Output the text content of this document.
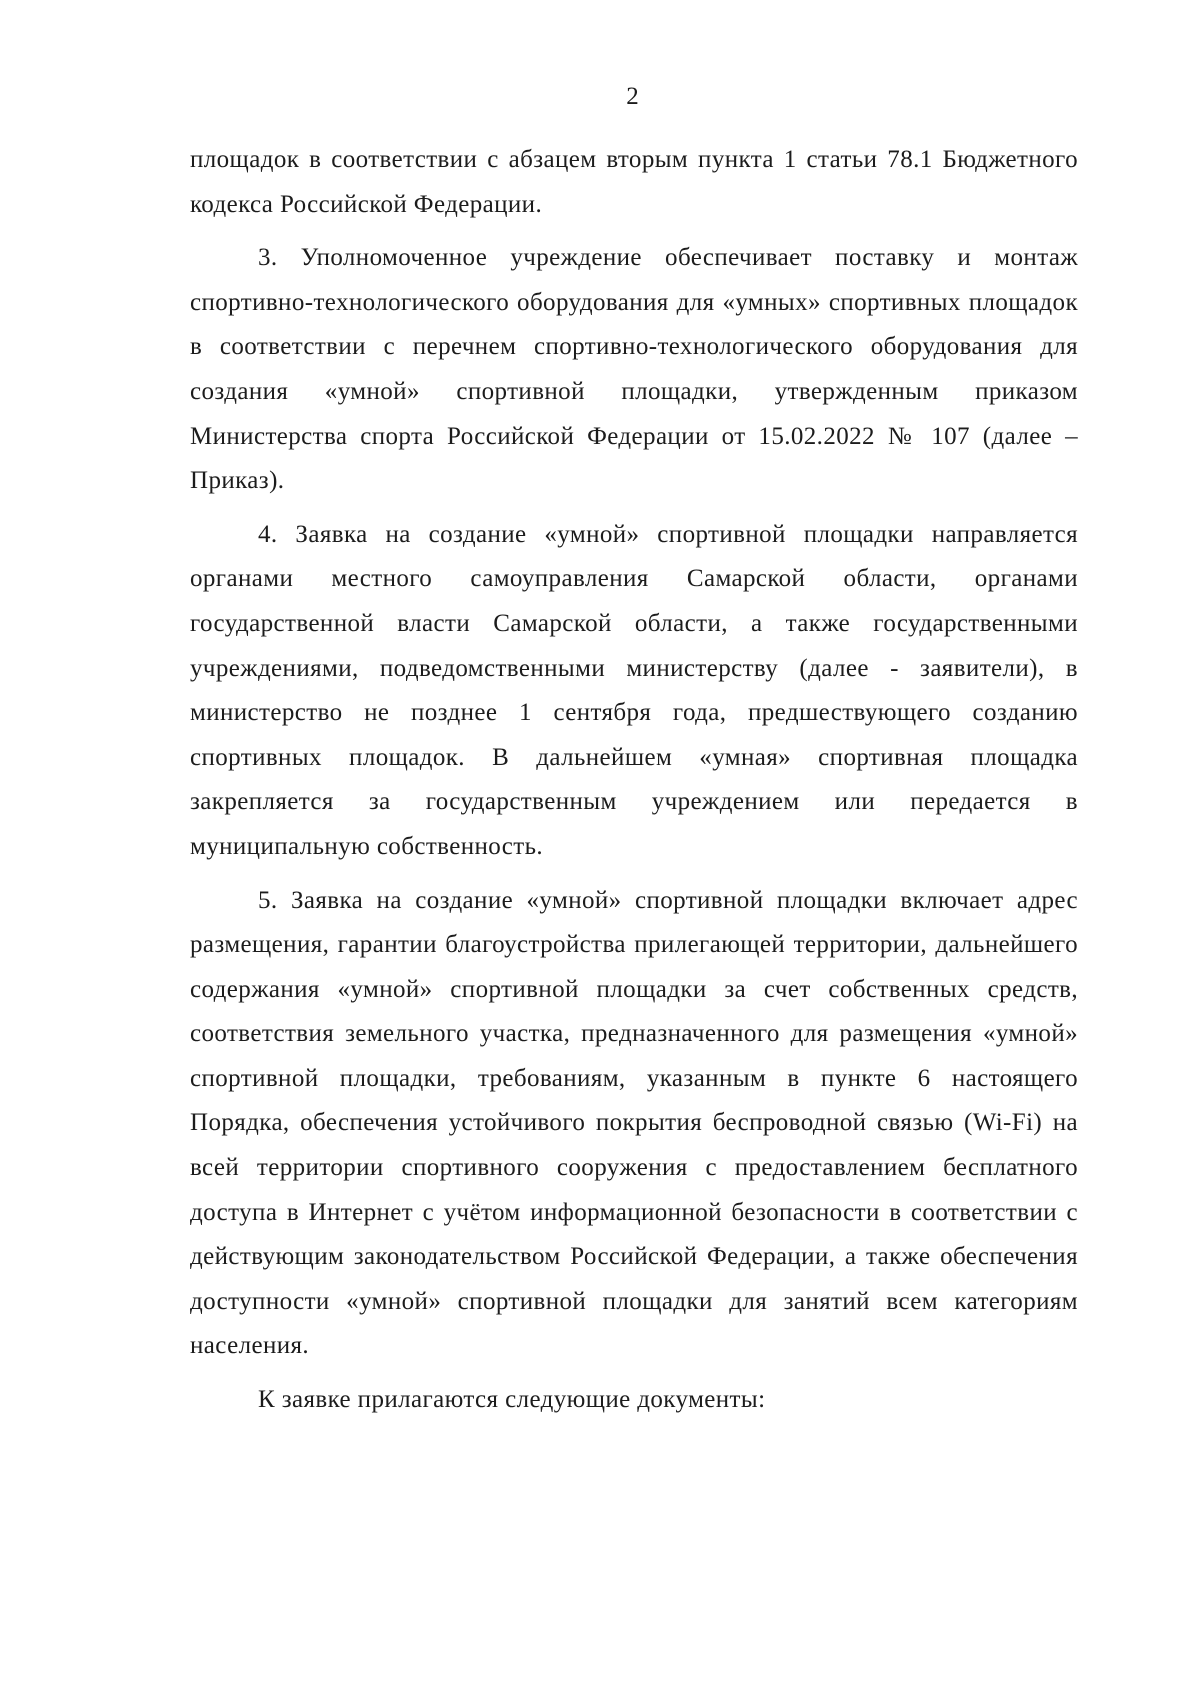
2

площадок в соответствии с абзацем вторым пункта 1 статьи 78.1 Бюджетного кодекса Российской Федерации.

3. Уполномоченное учреждение обеспечивает поставку и монтаж спортивно-технологического оборудования для «умных» спортивных площадок в соответствии с перечнем спортивно-технологического оборудования для создания «умной» спортивной площадки, утвержденным приказом Министерства спорта Российской Федерации от 15.02.2022 № 107 (далее – Приказ).

4. Заявка на создание «умной» спортивной площадки направляется органами местного самоуправления Самарской области, органами государственной власти Самарской области, а также государственными учреждениями, подведомственными министерству (далее - заявители), в министерство не позднее 1 сентября года, предшествующего созданию спортивных площадок. В дальнейшем «умная» спортивная площадка закрепляется за государственным учреждением или передается в муниципальную собственность.

5. Заявка на создание «умной» спортивной площадки включает адрес размещения, гарантии благоустройства прилегающей территории, дальнейшего содержания «умной» спортивной площадки за счет собственных средств, соответствия земельного участка, предназначенного для размещения «умной» спортивной площадки, требованиям, указанным в пункте 6 настоящего Порядка, обеспечения устойчивого покрытия беспроводной связью (Wi-Fi) на всей территории спортивного сооружения с предоставлением бесплатного доступа в Интернет с учётом информационной безопасности в соответствии с действующим законодательством Российской Федерации, а также обеспечения доступности «умной» спортивной площадки для занятий всем категориям населения.

К заявке прилагаются следующие документы:
